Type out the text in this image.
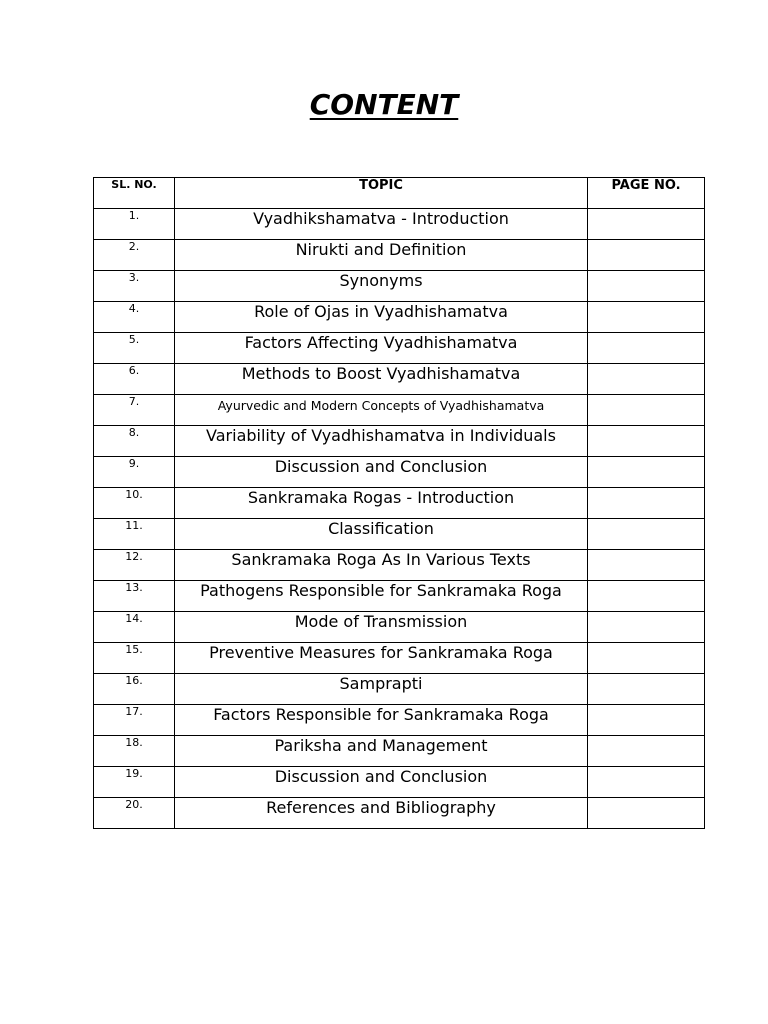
CONTENT
SL. NO.	TOPIC	PAGE NO.
1.	Vyadhikshamatva - Introduction	
2.	Nirukti and Definition	
3.	Synonyms	
4.	Role of Ojas in Vyadhishamatva	
5.	Factors Affecting Vyadhishamatva	
6.	Methods to Boost Vyadhishamatva	
7.	Ayurvedic and Modern Concepts of Vyadhishamatva	
8.	Variability of Vyadhishamatva in Individuals	
9.	Discussion and Conclusion	
10.	Sankramaka Rogas - Introduction	
11.	Classification	
12.	Sankramaka Roga As In Various Texts	
13.	Pathogens Responsible for Sankramaka Roga	
14.	Mode of Transmission	
15.	Preventive Measures for Sankramaka Roga	
16.	Samprapti	
17.	Factors Responsible for Sankramaka Roga	
18.	Pariksha and Management	
19.	Discussion and Conclusion	
20.	References and Bibliography	
